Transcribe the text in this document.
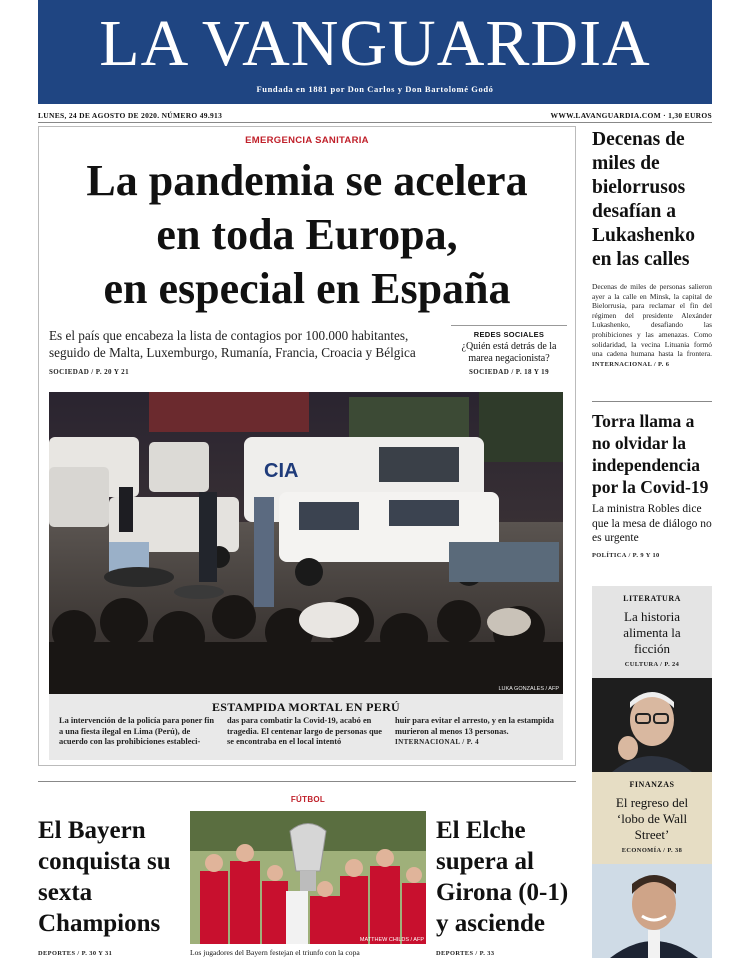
LA VANGUARDIA
Fundada en 1881 por Don Carlos y Don Bartolomé Godó
LUNES, 24 DE AGOSTO DE 2020. NÚMERO 49.913	WWW.LAVANGUARDIA.COM · 1,30 EUROS
EMERGENCIA SANITARIA
La pandemia se acelera
en toda Europa,
en especial en España
Es el país que encabeza la lista de contagios por 100.000 habitantes, seguido de Malta, Luxemburgo, Rumanía, Francia, Croacia y Bélgica
SOCIEDAD / P. 20 Y 21
REDES SOCIALES
¿Quién está detrás de la marea negacionista?
SOCIEDAD / P. 18 Y 19
CIA
LUKA GONZALES / AFP
ESTAMPIDA MORTAL EN PERÚ
La intervención de la policía para poner fin a una fiesta ilegal en Lima (Perú), de acuerdo con las prohibiciones estableci-
das para combatir la Covid-19, acabó en tragedia. El centenar largo de personas que se encontraba en el local intentó
huir para evitar el arresto, y en la estampida murieron al menos 13 personas. INTERNACIONAL / P. 4
Decenas de miles de bielorrusos desafían a Lukashenko en las calles
Decenas de miles de personas salieron ayer a la calle en Minsk, la capital de Bielorrusia, para reclamar el fin del régimen del presidente Alexánder Lukashenko, desafiando las prohibiciones y las amenazas. Como solidaridad, la vecina Lituania formó una cadena humana hasta la frontera. INTERNACIONAL / P. 6
Torra llama a no olvidar la independencia por la Covid-19
La ministra Robles dice que la mesa de diálogo no es urgente
POLÍTICA / P. 9 Y 10
LITERATURA
La historia alimenta la ficción
CULTURA / P. 24
FINANZAS
El regreso del ‘lobo de Wall Street’
ECONOMÍA / P. 38
FÚTBOL
El Bayern conquista su sexta Champions
DEPORTES / P. 30 Y 31
MATTHEW CHILDS / AFP
Los jugadores del Bayern festejan el triunfo con la copa
El Elche supera al Girona (0-1) y asciende
DEPORTES / P. 33
